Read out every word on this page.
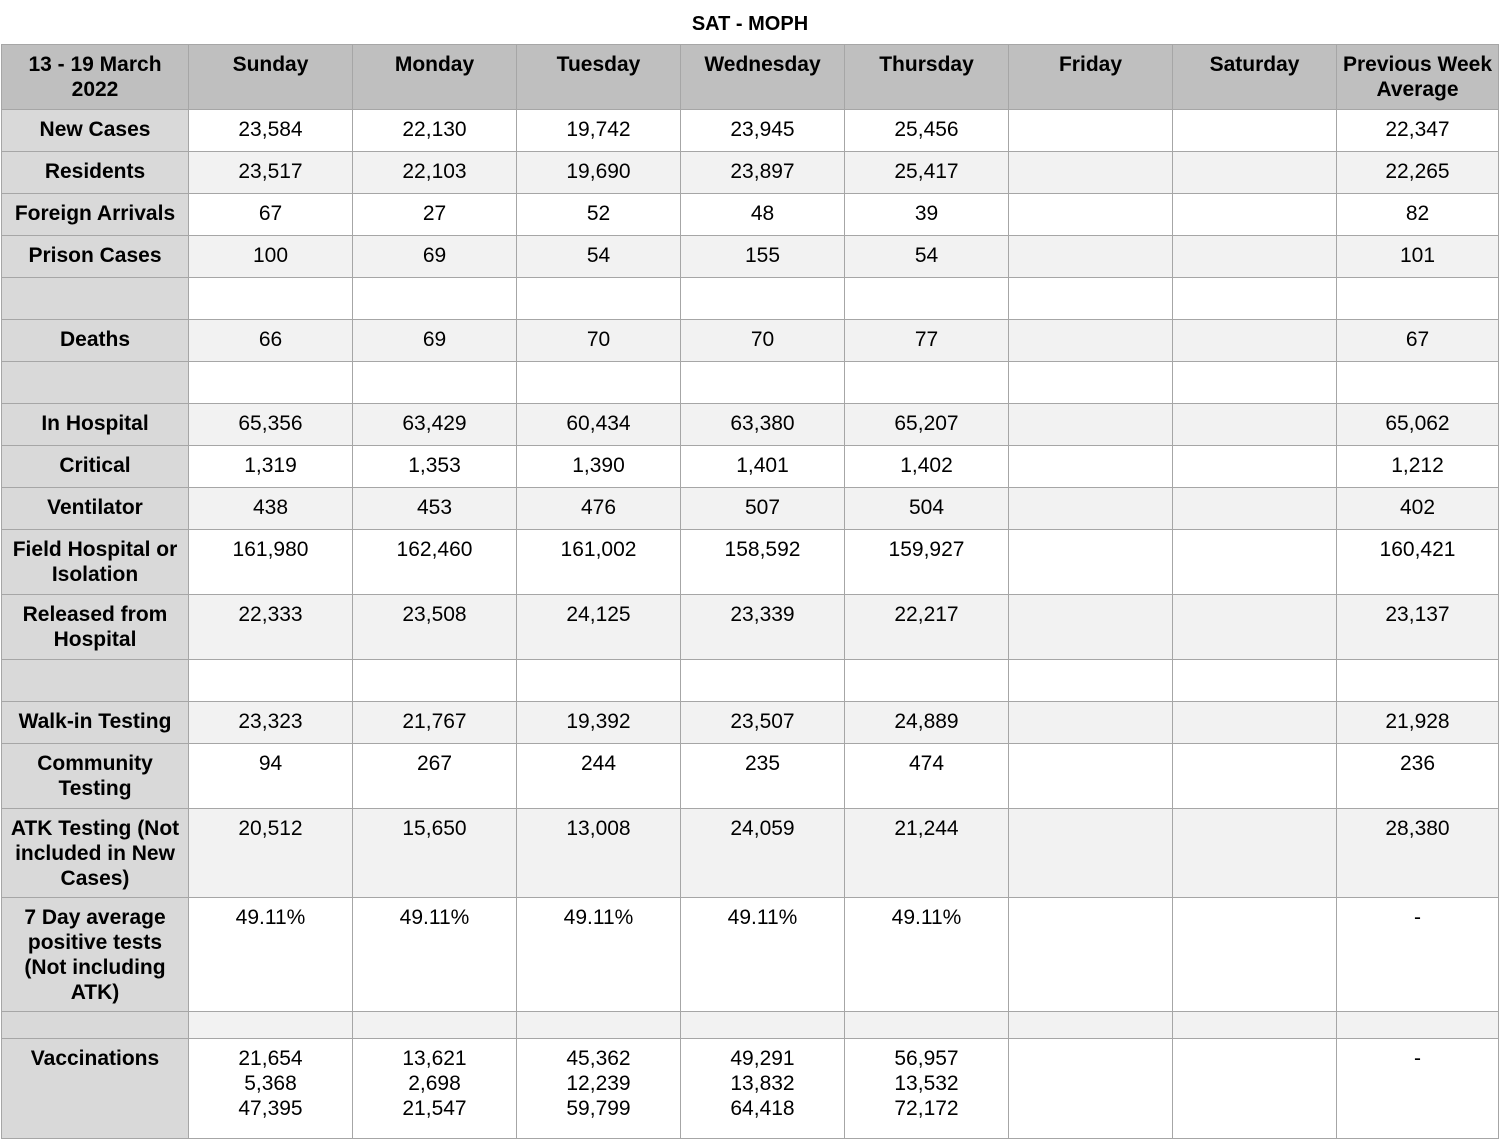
SAT - MOPH
13 - 19 March 2022	Sunday	Monday	Tuesday	Wednesday	Thursday	Friday	Saturday	Previous Week Average
New Cases	23,584	22,130	19,742	23,945	25,456			22,347
Residents	23,517	22,103	19,690	23,897	25,417			22,265
Foreign Arrivals	67	27	52	48	39			82
Prison Cases	100	69	54	155	54			101

Deaths	66	69	70	70	77			67

In Hospital	65,356	63,429	60,434	63,380	65,207			65,062
Critical	1,319	1,353	1,390	1,401	1,402			1,212
Ventilator	438	453	476	507	504			402
Field Hospital or Isolation	161,980	162,460	161,002	158,592	159,927			160,421
Released from Hospital	22,333	23,508	24,125	23,339	22,217			23,137

Walk-in Testing	23,323	21,767	19,392	23,507	24,889			21,928
Community Testing	94	267	244	235	474			236
ATK Testing (Not included in New Cases)	20,512	15,650	13,008	24,059	21,244			28,380
7 Day average positive tests (Not including ATK)	49.11%	49.11%	49.11%	49.11%	49.11%			-

Vaccinations	21,654
5,368
47,395	13,621
2,698
21,547	45,362
12,239
59,799	49,291
13,832
64,418	56,957
13,532
72,172			-
